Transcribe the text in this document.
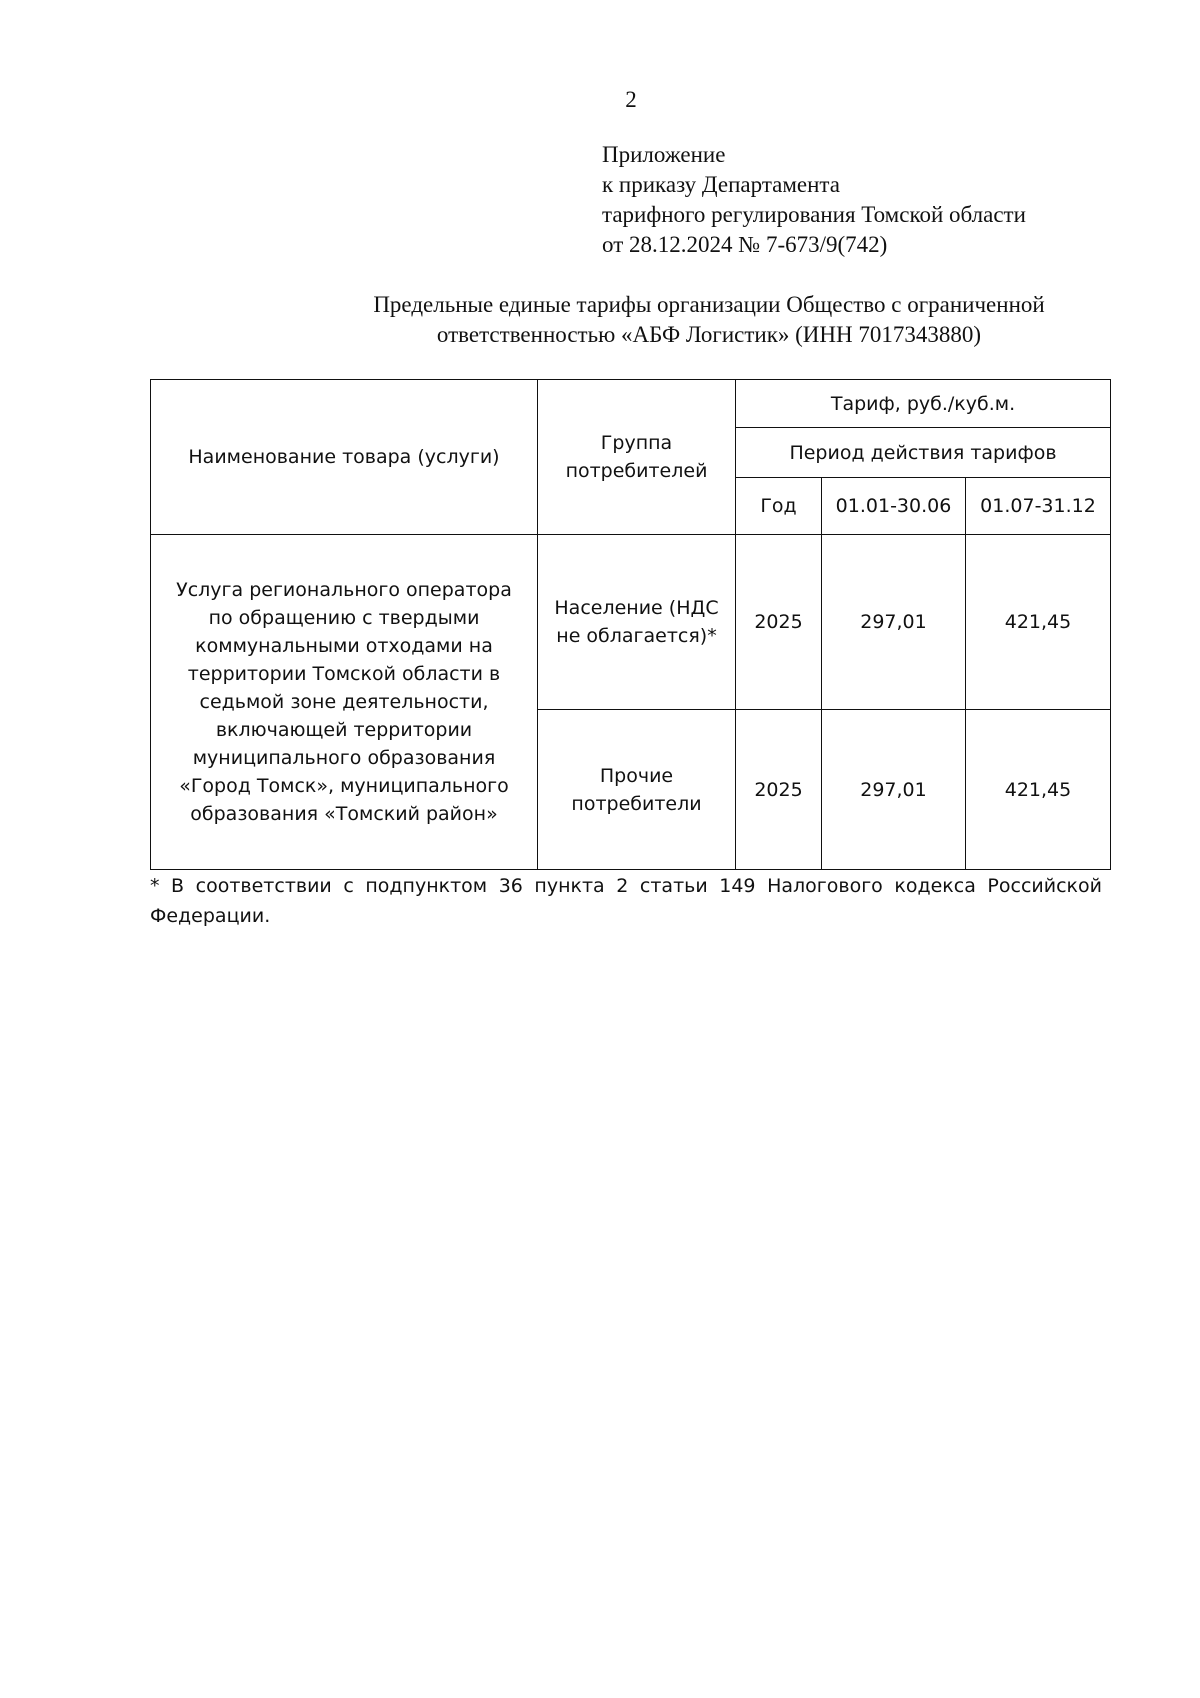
2
Приложение
к приказу Департамента
тарифного регулирования Томской области
от 28.12.2024 № 7-673/9(742)
Предельные единые тарифы организации Общество с ограниченной
ответственностью «АБФ Логистик» (ИНН 7017343880)
Наименование товара (услуги)	Группа потребителей	Тариф, руб./куб.м.		
		Период действия тарифов		
		Год	01.01-30.06	01.07-31.12
Услуга регионального оператора по обращению с твердыми коммунальными отходами на территории Томской области в седьмой зоне деятельности, включающей территории муниципального образования «Город Томск», муниципального образования «Томский район»	Население (НДС не облагается)*	2025	297,01	421,45
	Прочие потребители	2025	297,01	421,45
* В соответствии с подпунктом 36 пункта 2 статьи 149 Налогового кодекса Российской Федерации.
